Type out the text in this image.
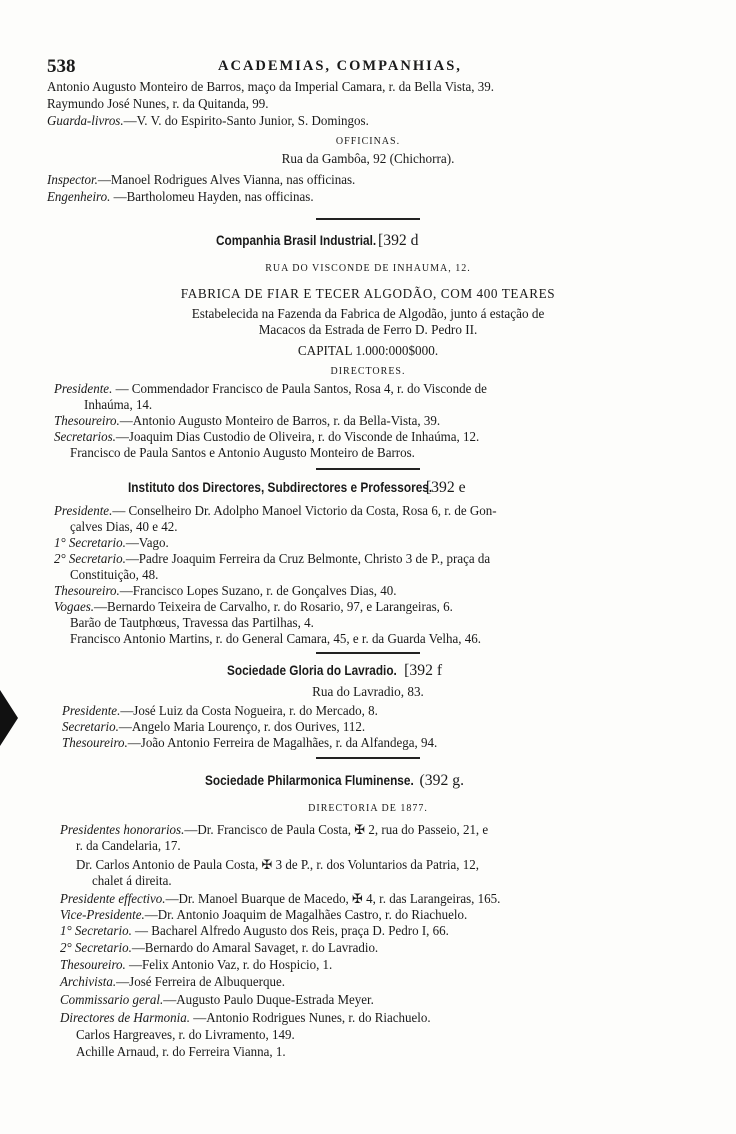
538	ACADEMIAS, COMPANHIAS,
Antonio Augusto Monteiro de Barros, maço da Imperial Camara, r. da Bella Vista, 39.
Raymundo José Nunes, r. da Quitanda, 99.
Guarda-livros.—V. V. do Espirito-Santo Junior, S. Domingos.
OFFICINAS.
Rua da Gambôa, 92 (Chichorra).
Inspector.—Manoel Rodrigues Alves Vianna, nas officinas.
Engenheiro. —Bartholomeu Hayden, nas officinas.
Companhia Brasil Industrial. [392 d
RUA DO VISCONDE DE INHAUMA, 12.
FABRICA DE FIAR E TECER ALGODÃO, COM 400 TEARES
Estabelecida na Fazenda da Fabrica de Algodão, junto á estação de
Macacos da Estrada de Ferro D. Pedro II.
CAPITAL 1.000:000$000.
DIRECTORES.
Presidente. — Commendador Francisco de Paula Santos, Rosa 4, r. do Visconde de
Inhaúma, 14.
Thesoureiro.—Antonio Augusto Monteiro de Barros, r. da Bella-Vista, 39.
Secretarios.—Joaquim Dias Custodio de Oliveira, r. do Visconde de Inhaúma, 12.
Francisco de Paula Santos e Antonio Augusto Monteiro de Barros.
Instituto dos Directores, Subdirectores e Professores. [392 e
Presidente.— Conselheiro Dr. Adolpho Manoel Victorio da Costa, Rosa 6, r. de Gon-
çalves Dias, 40 e 42.
1° Secretario.—Vago.
2° Secretario.—Padre Joaquim Ferreira da Cruz Belmonte, Christo 3 de P., praça da
Constituição, 48.
Thesoureiro.—Francisco Lopes Suzano, r. de Gonçalves Dias, 40.
Vogaes.—Bernardo Teixeira de Carvalho, r. do Rosario, 97, e Larangeiras, 6.
Barão de Tautphœus, Travessa das Partilhas, 4.
Francisco Antonio Martins, r. do General Camara, 45, e r. da Guarda Velha, 46.
Sociedade Gloria do Lavradio. [392 f
Rua do Lavradio, 83.
Presidente.—José Luiz da Costa Nogueira, r. do Mercado, 8.
Secretario.—Angelo Maria Lourenço, r. dos Ourives, 112.
Thesoureiro.—João Antonio Ferreira de Magalhães, r. da Alfandega, 94.
Sociedade Philarmonica Fluminense. (392 g.
DIRECTORIA DE 1877.
Presidentes honorarios.—Dr. Francisco de Paula Costa, ✠ 2, rua do Passeio, 21, e
r. da Candelaria, 17.
Dr. Carlos Antonio de Paula Costa, ✠ 3 de P., r. dos Voluntarios da Patria, 12,
chalet á direita.
Presidente effectivo.—Dr. Manoel Buarque de Macedo, ✠ 4, r. das Larangeiras, 165.
Vice-Presidente.—Dr. Antonio Joaquim de Magalhães Castro, r. do Riachuelo.
1° Secretario. — Bacharel Alfredo Augusto dos Reis, praça D. Pedro I, 66.
2° Secretario.—Bernardo do Amaral Savaget, r. do Lavradio.
Thesoureiro. —Felix Antonio Vaz, r. do Hospicio, 1.
Archivista.—José Ferreira de Albuquerque.
Commissario geral.—Augusto Paulo Duque-Estrada Meyer.
Directores de Harmonia. —Antonio Rodrigues Nunes, r. do Riachuelo.
Carlos Hargreaves, r. do Livramento, 149.
Achille Arnaud, r. do Ferreira Vianna, 1.
